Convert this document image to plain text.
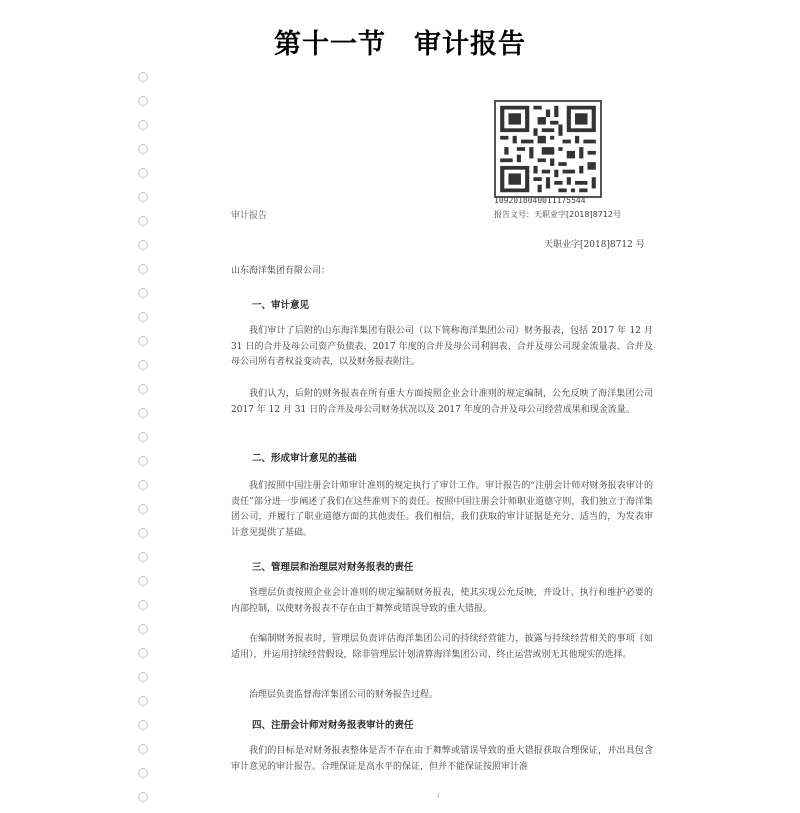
第十一节　审计报告

1092018040011175544

报告文号：天职业字[2018]8712号

审计报告

天职业字[2018]8712 号

山东海洋集团有限公司：

一、审计意见

我们审计了后附的山东海洋集团有限公司（以下简称海洋集团公司）财务报表，包括 2017 年 12 月 31 日的合并及母公司资产负债表，2017 年度的合并及母公司利润表、合并及母公司现金流量表、合并及母公司所有者权益变动表，以及财务报表附注。

我们认为，后附的财务报表在所有重大方面按照企业会计准则的规定编制，公允反映了海洋集团公司 2017 年 12 月 31 日的合并及母公司财务状况以及 2017 年度的合并及母公司经营成果和现金流量。

二、形成审计意见的基础

我们按照中国注册会计师审计准则的规定执行了审计工作。审计报告的“注册会计师对财务报表审计的责任”部分进一步阐述了我们在这些准则下的责任。按照中国注册会计师职业道德守则，我们独立于海洋集团公司，并履行了职业道德方面的其他责任。我们相信，我们获取的审计证据是充分、适当的，为发表审计意见提供了基础。

三、管理层和治理层对财务报表的责任

管理层负责按照企业会计准则的规定编制财务报表，使其实现公允反映，并设计、执行和维护必要的内部控制，以使财务报表不存在由于舞弊或错误导致的重大错报。

在编制财务报表时，管理层负责评估海洋集团公司的持续经营能力，披露与持续经营相关的事项（如适用），并运用持续经营假设，除非管理层计划清算海洋集团公司、终止运营或别无其他现实的选择。

治理层负责监督海洋集团公司的财务报告过程。

四、注册会计师对财务报表审计的责任

我们的目标是对财务报表整体是否不存在由于舞弊或错误导致的重大错报获取合理保证，并出具包含审计意见的审计报告。合理保证是高水平的保证，但并不能保证按照审计准

:
